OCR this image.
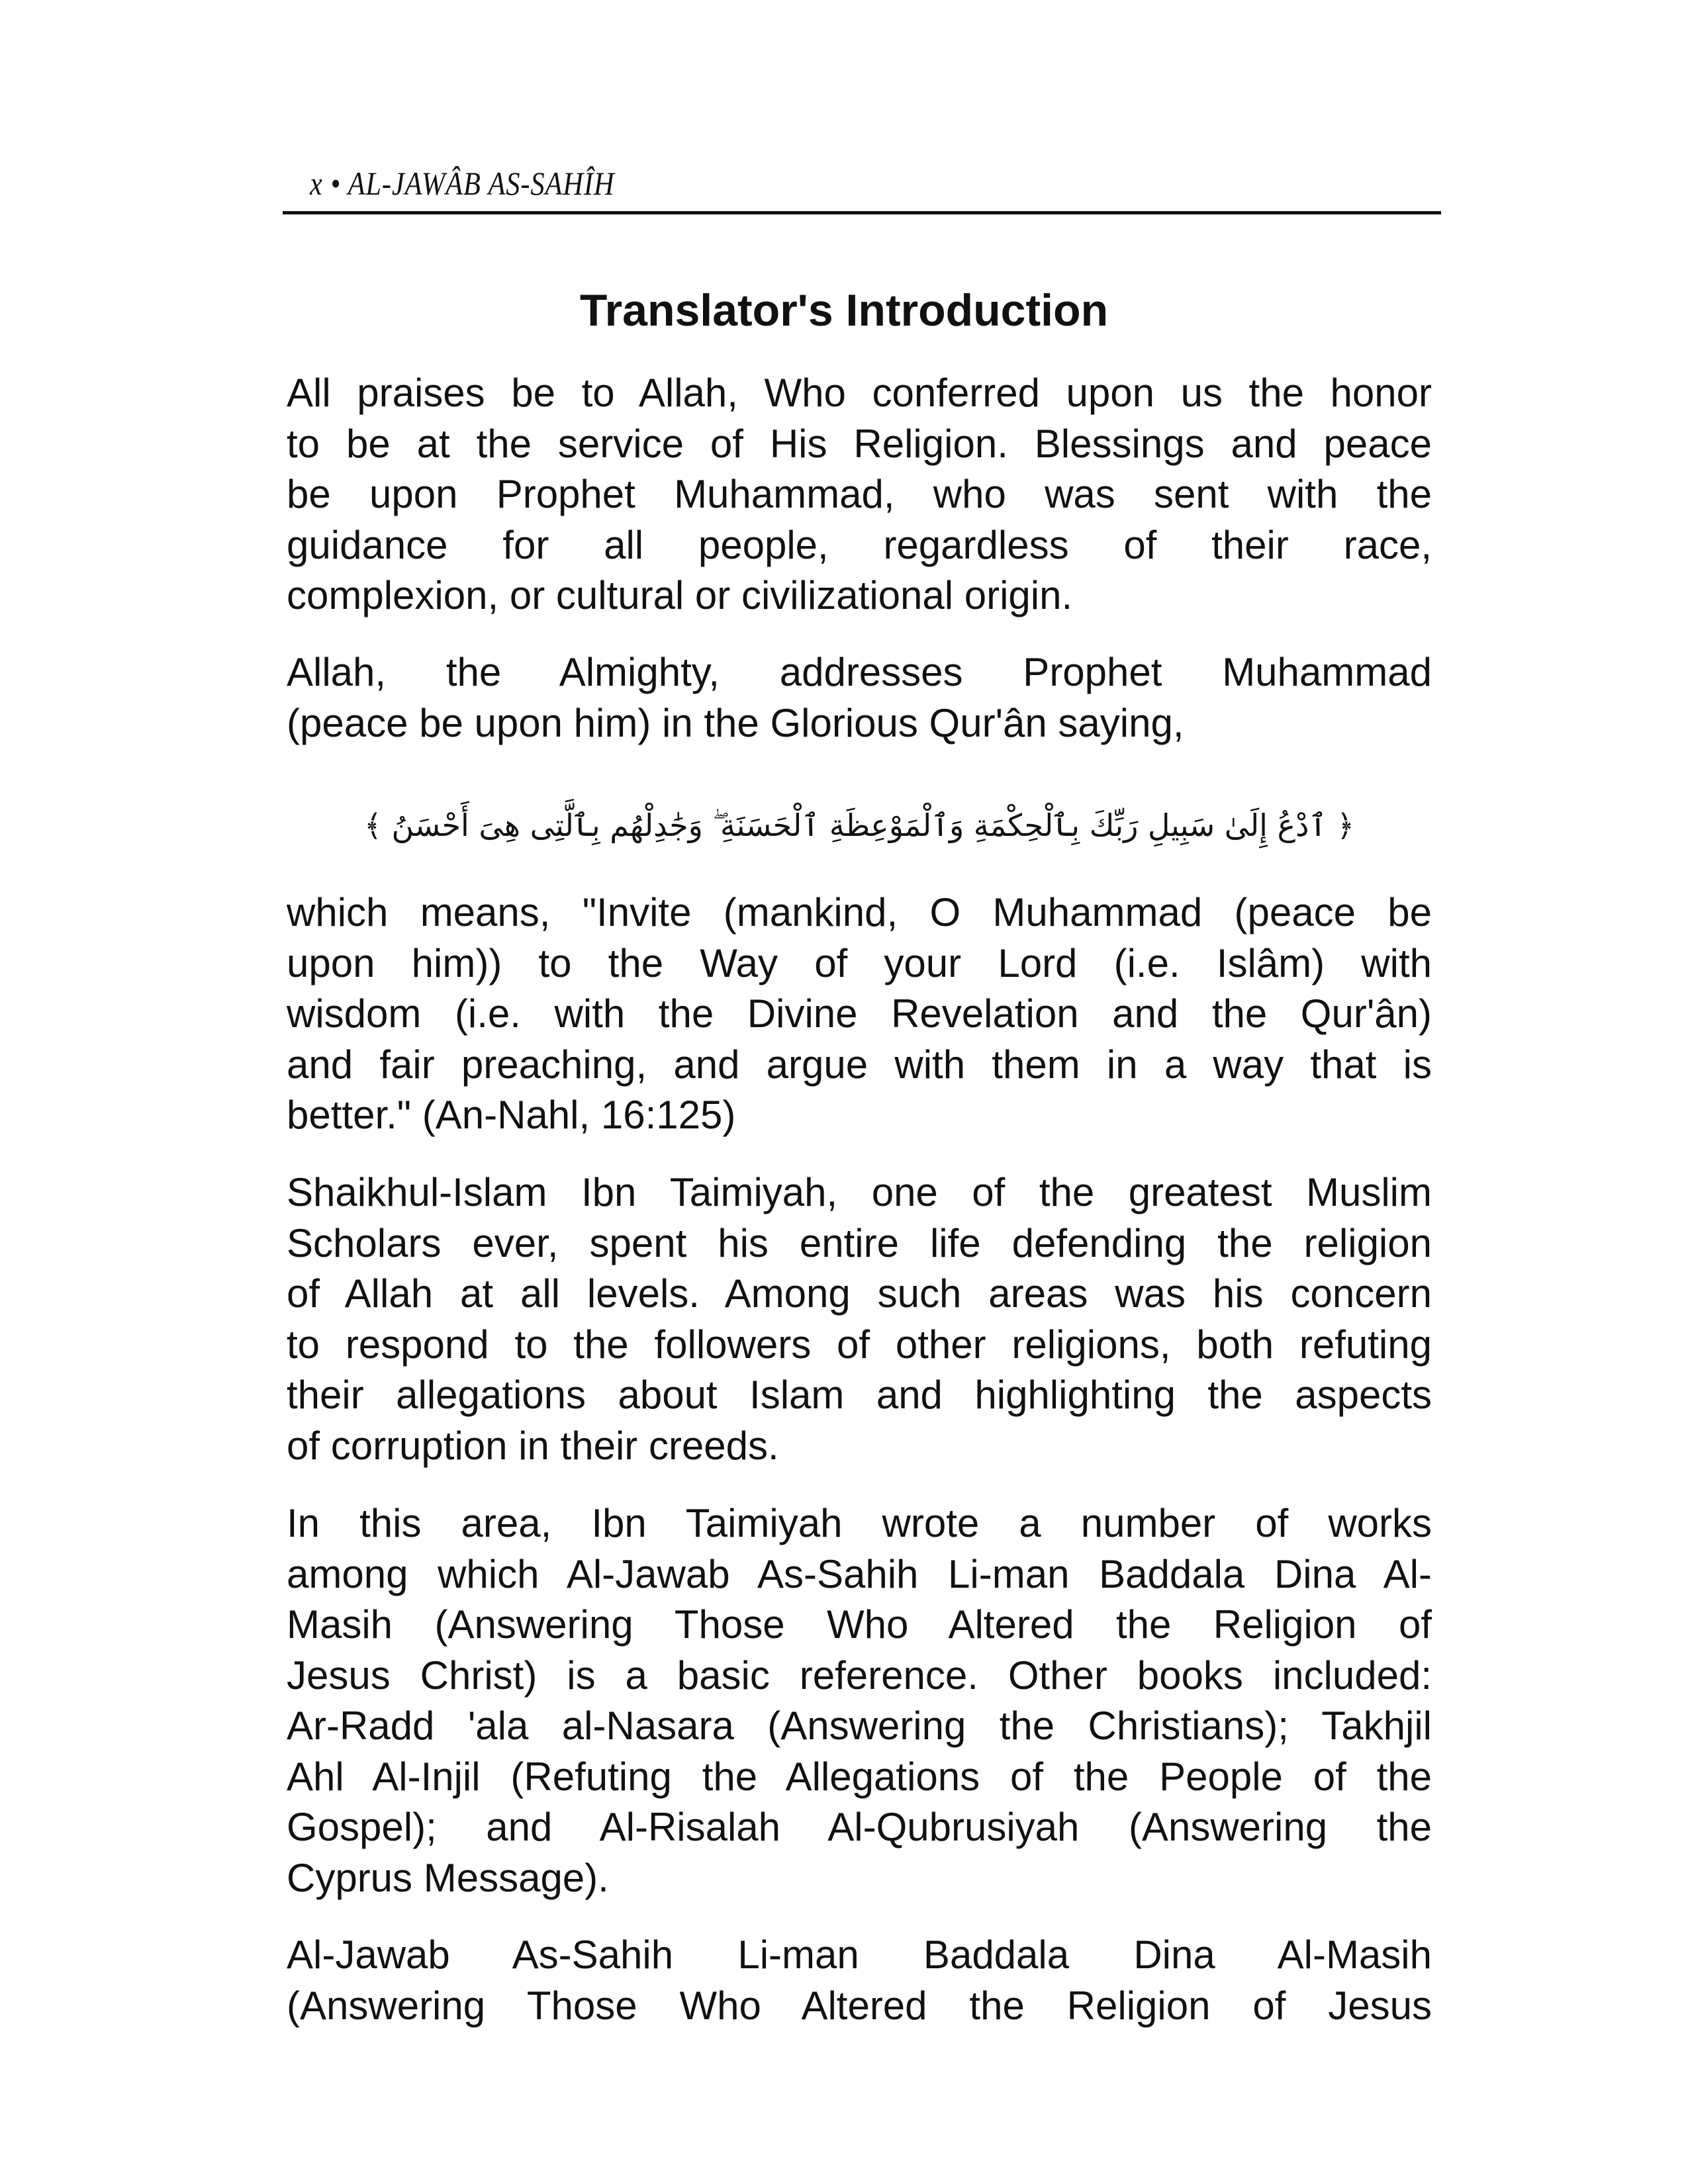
x • AL-JAWÂB AS-SAHÎH
Translator's Introduction
All praises be to Allah, Who conferred upon us the honor
to be at the service of His Religion. Blessings and peace
be upon Prophet Muhammad, who was sent with the
guidance for all people, regardless of their race,
complexion, or cultural or civilizational origin.
Allah, the Almighty, addresses Prophet Muhammad
(peace be upon him) in the Glorious Qur'ân saying,
﴿ ٱدْعُ إِلَىٰ سَبِيلِ رَبِّكَ بِٱلْحِكْمَةِ وَٱلْمَوْعِظَةِ ٱلْحَسَنَةِ ۖ وَجَٰدِلْهُم بِٱلَّتِى هِىَ أَحْسَنُ ﴾
which means, "Invite (mankind, O Muhammad (peace be
upon him)) to the Way of your Lord (i.e. Islâm) with
wisdom (i.e. with the Divine Revelation and the Qur'ân)
and fair preaching, and argue with them in a way that is
better." (An-Nahl, 16:125)
Shaikhul-Islam Ibn Taimiyah, one of the greatest Muslim
Scholars ever, spent his entire life defending the religion
of Allah at all levels. Among such areas was his concern
to respond to the followers of other religions, both refuting
their allegations about Islam and highlighting the aspects
of corruption in their creeds.
In this area, Ibn Taimiyah wrote a number of works
among which Al-Jawab As-Sahih Li-man Baddala Dina Al-
Masih (Answering Those Who Altered the Religion of
Jesus Christ) is a basic reference. Other books included:
Ar-Radd 'ala al-Nasara (Answering the Christians); Takhjil
Ahl Al-Injil (Refuting the Allegations of the People of the
Gospel); and Al-Risalah Al-Qubrusiyah (Answering the
Cyprus Message).
Al-Jawab As-Sahih Li-man Baddala Dina Al-Masih
(Answering Those Who Altered the Religion of Jesus
